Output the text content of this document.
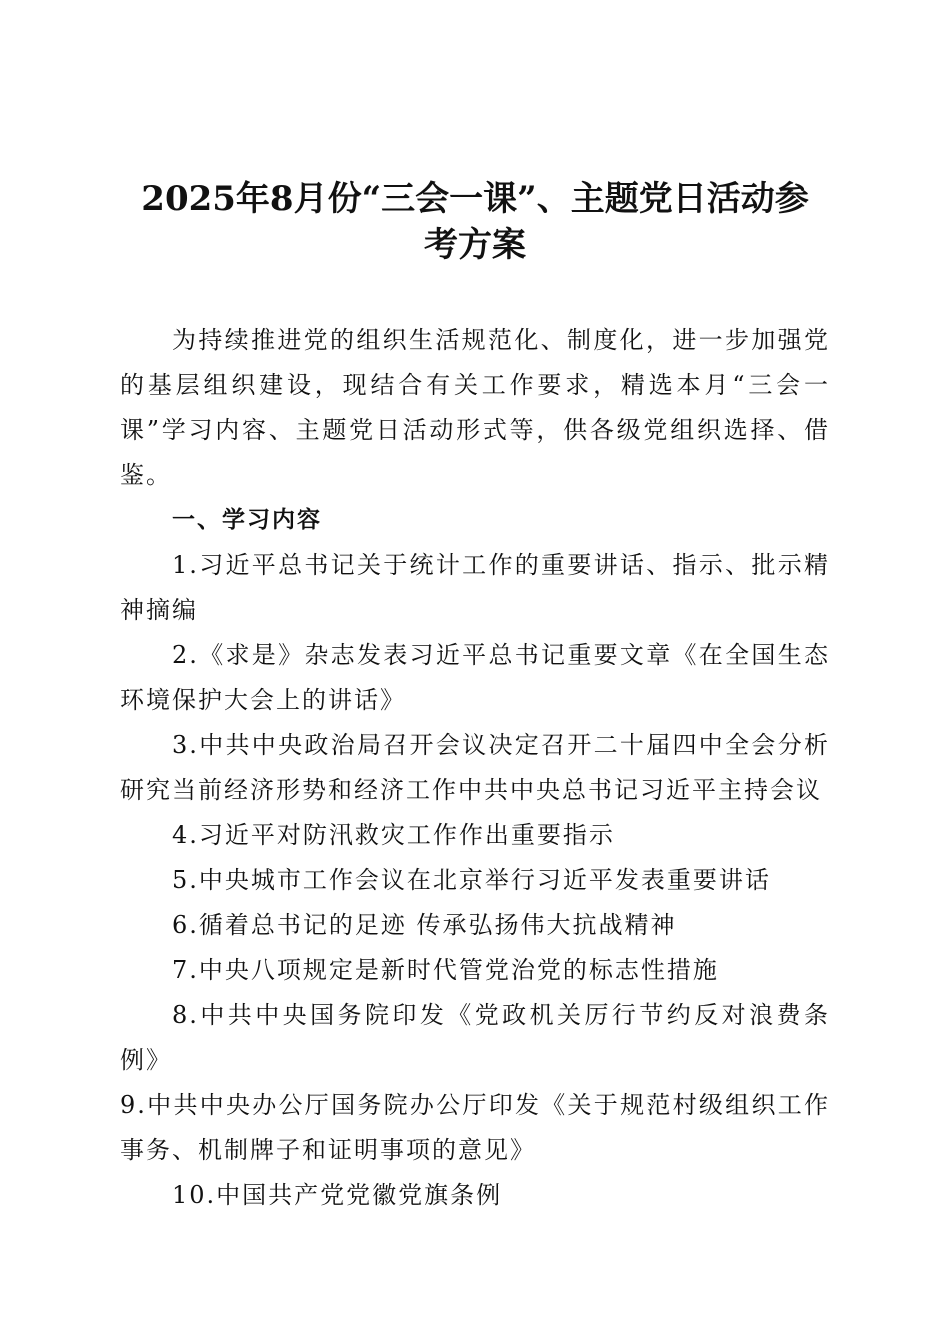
2025年8月份“三会一课”、主题党日活动参
考方案

为持续推进党的组织生活规范化、制度化，进一步加强党的基层组织建设，现结合有关工作要求，精选本月“三会一课”学习内容、主题党日活动形式等，供各级党组织选择、借鉴。

一、学习内容

1.习近平总书记关于统计工作的重要讲话、指示、批示精神摘编

2.《求是》杂志发表习近平总书记重要文章《在全国生态环境保护大会上的讲话》

3.中共中央政治局召开会议决定召开二十届四中全会分析研究当前经济形势和经济工作中共中央总书记习近平主持会议

4.习近平对防汛救灾工作作出重要指示

5.中央城市工作会议在北京举行习近平发表重要讲话

6.循着总书记的足迹 传承弘扬伟大抗战精神

7.中央八项规定是新时代管党治党的标志性措施

8.中共中央国务院印发《党政机关厉行节约反对浪费条例》

9.中共中央办公厅国务院办公厅印发《关于规范村级组织工作事务、机制牌子和证明事项的意见》

10.中国共产党党徽党旗条例
